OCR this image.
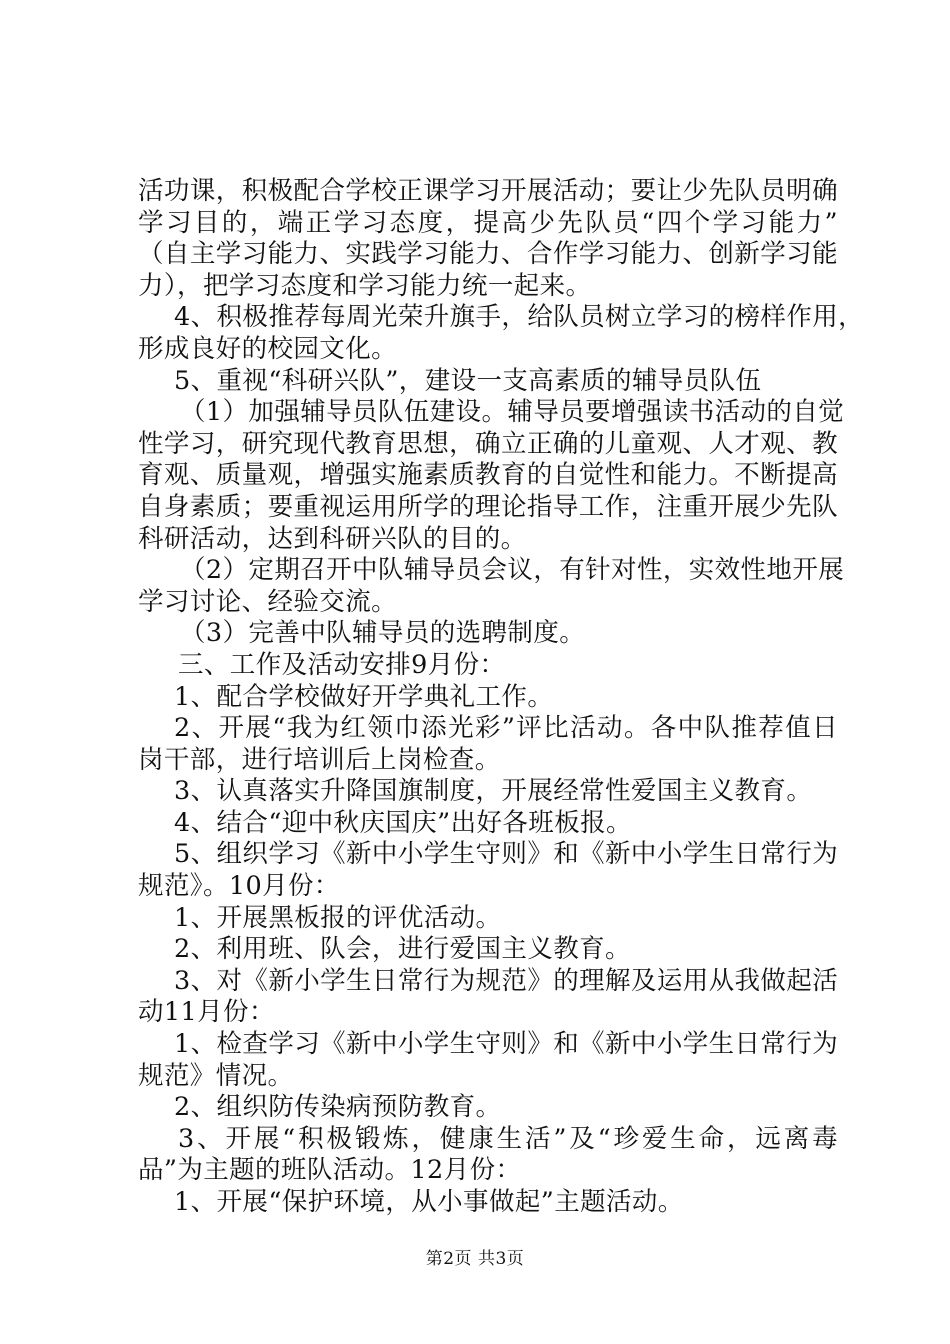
活功课，积极配合学校正课学习开展活动；要让少先队员明确
学习目的，端正学习态度，提高少先队员“四个学习能力”
（自主学习能力、实践学习能力、合作学习能力、创新学习能
力），把学习态度和学习能力统一起来。
4、积极推荐每周光荣升旗手，给队员树立学习的榜样作用，
形成良好的校园文化。
5、重视“科研兴队”，建设一支高素质的辅导员队伍
（1）加强辅导员队伍建设。辅导员要增强读书活动的自觉
性学习，研究现代教育思想，确立正确的儿童观、人才观、教
育观、质量观，增强实施素质教育的自觉性和能力。不断提高
自身素质；要重视运用所学的理论指导工作，注重开展少先队
科研活动，达到科研兴队的目的。
（2）定期召开中队辅导员会议，有针对性，实效性地开展
学习讨论、经验交流。
（3）完善中队辅导员的选聘制度。
三、工作及活动安排9月份：
1、配合学校做好开学典礼工作。
2、开展“我为红领巾添光彩”评比活动。各中队推荐值日
岗干部，进行培训后上岗检查。
3、认真落实升降国旗制度，开展经常性爱国主义教育。
4、结合“迎中秋庆国庆”出好各班板报。
5、组织学习《新中小学生守则》和《新中小学生日常行为
规范》。10月份：
1、开展黑板报的评优活动。
2、利用班、队会，进行爱国主义教育。
3、对《新小学生日常行为规范》的理解及运用从我做起活
动11月份：
1、检查学习《新中小学生守则》和《新中小学生日常行为
规范》情况。
2、组织防传染病预防教育。
3、开展“积极锻炼，健康生活”及“珍爱生命，远离毒
品”为主题的班队活动。12月份：
1、开展“保护环境，从小事做起”主题活动。
第2页 共3页
